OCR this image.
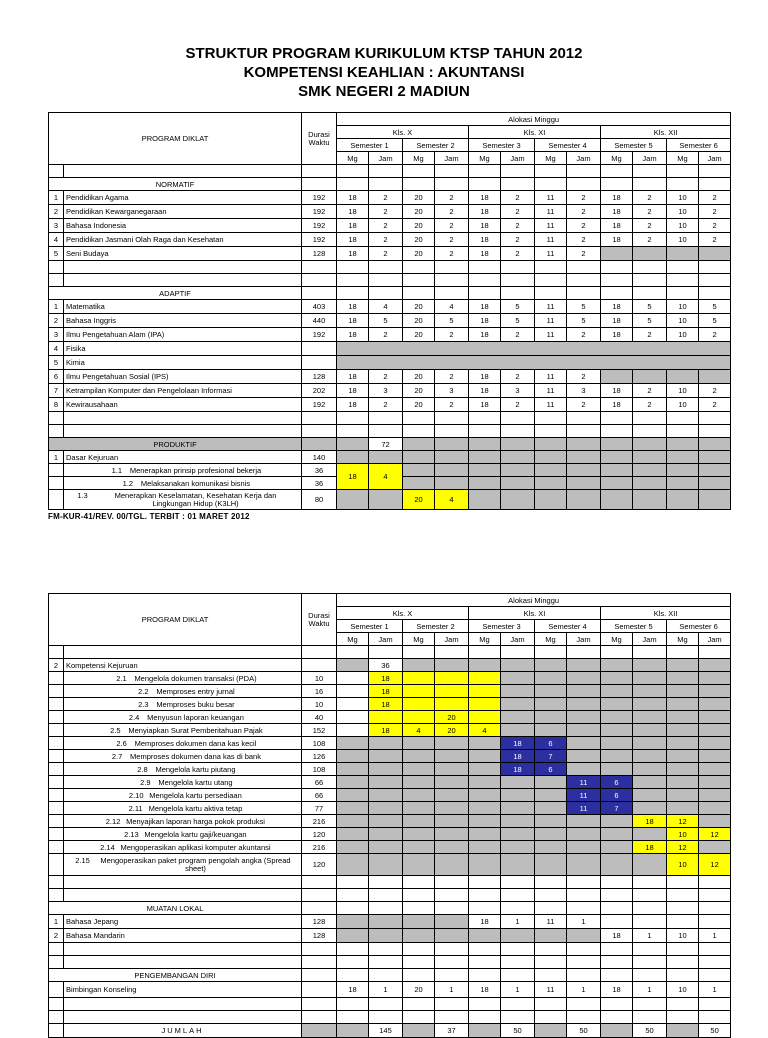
STRUKTUR PROGRAM KURIKULUM KTSP TAHUN 2012
KOMPETENSI KEAHLIAN : AKUNTANSI
SMK NEGERI 2 MADIUN
PROGRAM DIKLAT		Durasi Waktu	Alokasi Minggu											
			Kls. X				Kls. XI				Kls. XII			
			Semester 1		Semester 2		Semester 3		Semester 4		Semester 5		Semester 6	
			Mg	Jam	Mg	Jam	Mg	Jam	Mg	Jam	Mg	Jam	Mg	Jam

NORMATIF														
1	Pendidikan Agama	192	18	2	20	2	18	2	11	2	18	2	10	2
2	Pendidikan Kewarganegaraan	192	18	2	20	2	18	2	11	2	18	2	10	2
3	Bahasa Indonesia	192	18	2	20	2	18	2	11	2	18	2	10	2
4	Pendidikan Jasmani Olah Raga dan Kesehatan	192	18	2	20	2	18	2	11	2	18	2	10	2
5	Seni Budaya	128	18	2	20	2	18	2	11	2				

ADAPTIF														
1	Matematika	403	18	4	20	4	18	5	11	5	18	5	10	5
2	Bahasa Inggris	440	18	5	20	5	18	5	11	5	18	5	10	5
3	Ilmu Pengetahuan Alam (IPA)	192	18	2	20	2	18	2	11	2	18	2	10	2
4	Fisika													
5	Kimia													
6	Ilmu Pengetahuan Sosial (IPS)	128	18	2	20	2	18	2	11	2				
7	Ketrampilan Komputer dan Pengelolaan Informasi	202	18	3	20	3	18	3	11	3	18	2	10	2
8	Kewirausahaan	192	18	2	20	2	18	2	11	2	18	2	10	2

PRODUKTIF				72										
1	Dasar Kejuruan	140												
	1.1 Menerapkan prinsip profesional bekerja	36	18	4										
	1.2 Melaksanakan komunikasi bisnis	36												
	1.3 Menerapkan Keselamatan, Kesehatan Kerja dan Lingkungan Hidup (K3LH)	80			20	4								
FM-KUR-41/REV. 00/TGL. TERBIT : 01 MARET 2012
PROGRAM DIKLAT		Durasi Waktu	Alokasi Minggu											
			Kls. X				Kls. XI				Kls. XII			
			Semester 1		Semester 2		Semester 3		Semester 4		Semester 5		Semester 6	
			Mg	Jam	Mg	Jam	Mg	Jam	Mg	Jam	Mg	Jam	Mg	Jam

2	Kompetensi Kejuruan			36										
	2.1 Mengelola dokumen transaksi (PDA)	10		18										
	2.2 Memproses entry jurnal	16		18										
	2.3 Memproses buku besar	10		18										
	2.4 Menyusun laporan keuangan	40				20								
	2.5 Menyiapkan Surat Pemberitahuan Pajak	152		18	4	20	4							
	2.6 Memproses dokumen dana kas kecil	108						18	6					
	2.7 Memproses dokumen dana kas di bank	126						18	7					
	2.8 Mengelola kartu piutang	108						18	6					
	2.9 Mengelola kartu utang	66								11	6			
	2.10 Mengelola kartu persediaan	66								11	6			
	2.11 Mengelola kartu aktiva tetap	77								11	7			
	2.12 Menyajikan laporan harga pokok produksi	216										18	12	
	2.13 Mengelola kartu gaji/keuangan	120											10	12
	2.14 Mengoperasikan aplikasi komputer akuntansi	216										18	12	
	2.15 Mengoperasikan paket program pengolah angka (Spread sheet)	120											10	12

MUATAN LOKAL														
1	Bahasa Jepang	128					18	1	11	1				
2	Bahasa Mandarin	128									18	1	10	1

PENGEMBANGAN DIRI														
	Bimbingan Konseling		18	1	20	1	18	1	11	1	18	1	10	1

	JUMLAH			145		37		50		50		50		50
